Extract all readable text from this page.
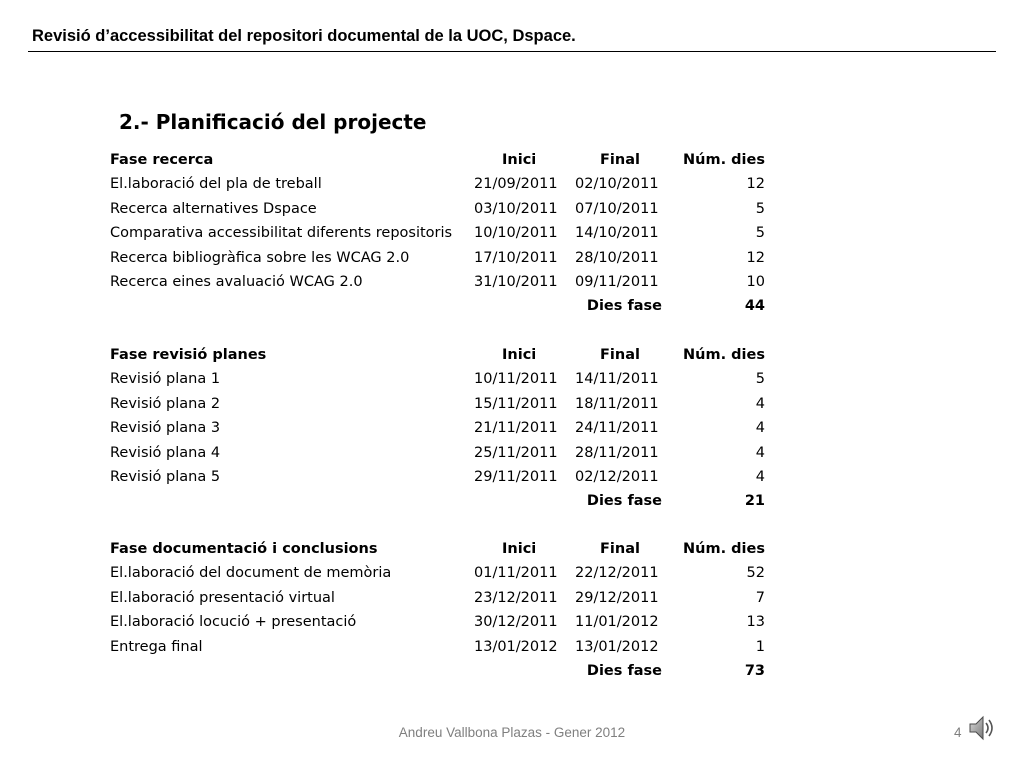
Revisió d’accessibilitat del repositori documental de la UOC, Dspace.
2.- Planificació del projecte
Fase recerca	Inici	Final	Núm. dies
El.laboració del pla de treball	21/09/2011 02/10/2011	12
Recerca alternatives Dspace	03/10/2011 07/10/2011	5
Comparativa accessibilitat diferents repositoris 10/10/2011 14/10/2011	5
Recerca bibliogràfica sobre les WCAG 2.0	17/10/2011 28/10/2011	12
Recerca eines avaluació WCAG 2.0	31/10/2011 09/11/2011	10
Dies fase	44
Fase revisió planes	Inici	Final	Núm. dies
Revisió plana 1	10/11/2011 14/11/2011	5
Revisió plana 2	15/11/2011 18/11/2011	4
Revisió plana 3	21/11/2011 24/11/2011	4
Revisió plana 4	25/11/2011 28/11/2011	4
Revisió plana 5	29/11/2011 02/12/2011	4
Dies fase	21
Fase documentació i conclusions	Inici	Final	Núm. dies
El.laboració del document de memòria	01/11/2011 22/12/2011	52
El.laboració presentació virtual	23/12/2011 29/12/2011	7
El.laboració locució + presentació	30/12/2011 11/01/2012	13
Entrega final	13/01/2012 13/01/2012	1
Dies fase	73
Andreu Vallbona Plazas - Gener 2012	4
